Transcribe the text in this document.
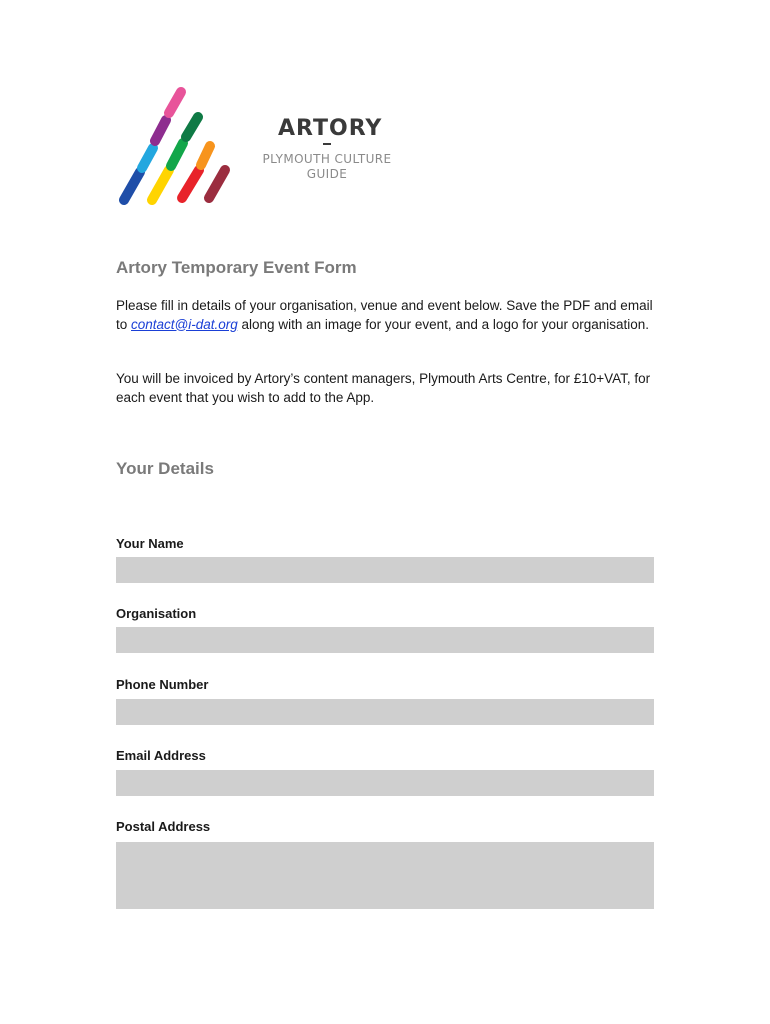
ARTORY
PLYMOUTH CULTURE
GUIDE
Artory Temporary Event Form

Please fill in details of your organisation, venue and event below. Save the PDF and email to contact@i-dat.org along with an image for your event, and a logo for your organisation.

You will be invoiced by Artory’s content managers, Plymouth Arts Centre, for £10+VAT, for each event that you wish to add to the App.

Your Details
Your Name
Organisation
Phone Number
Email Address
Postal Address
